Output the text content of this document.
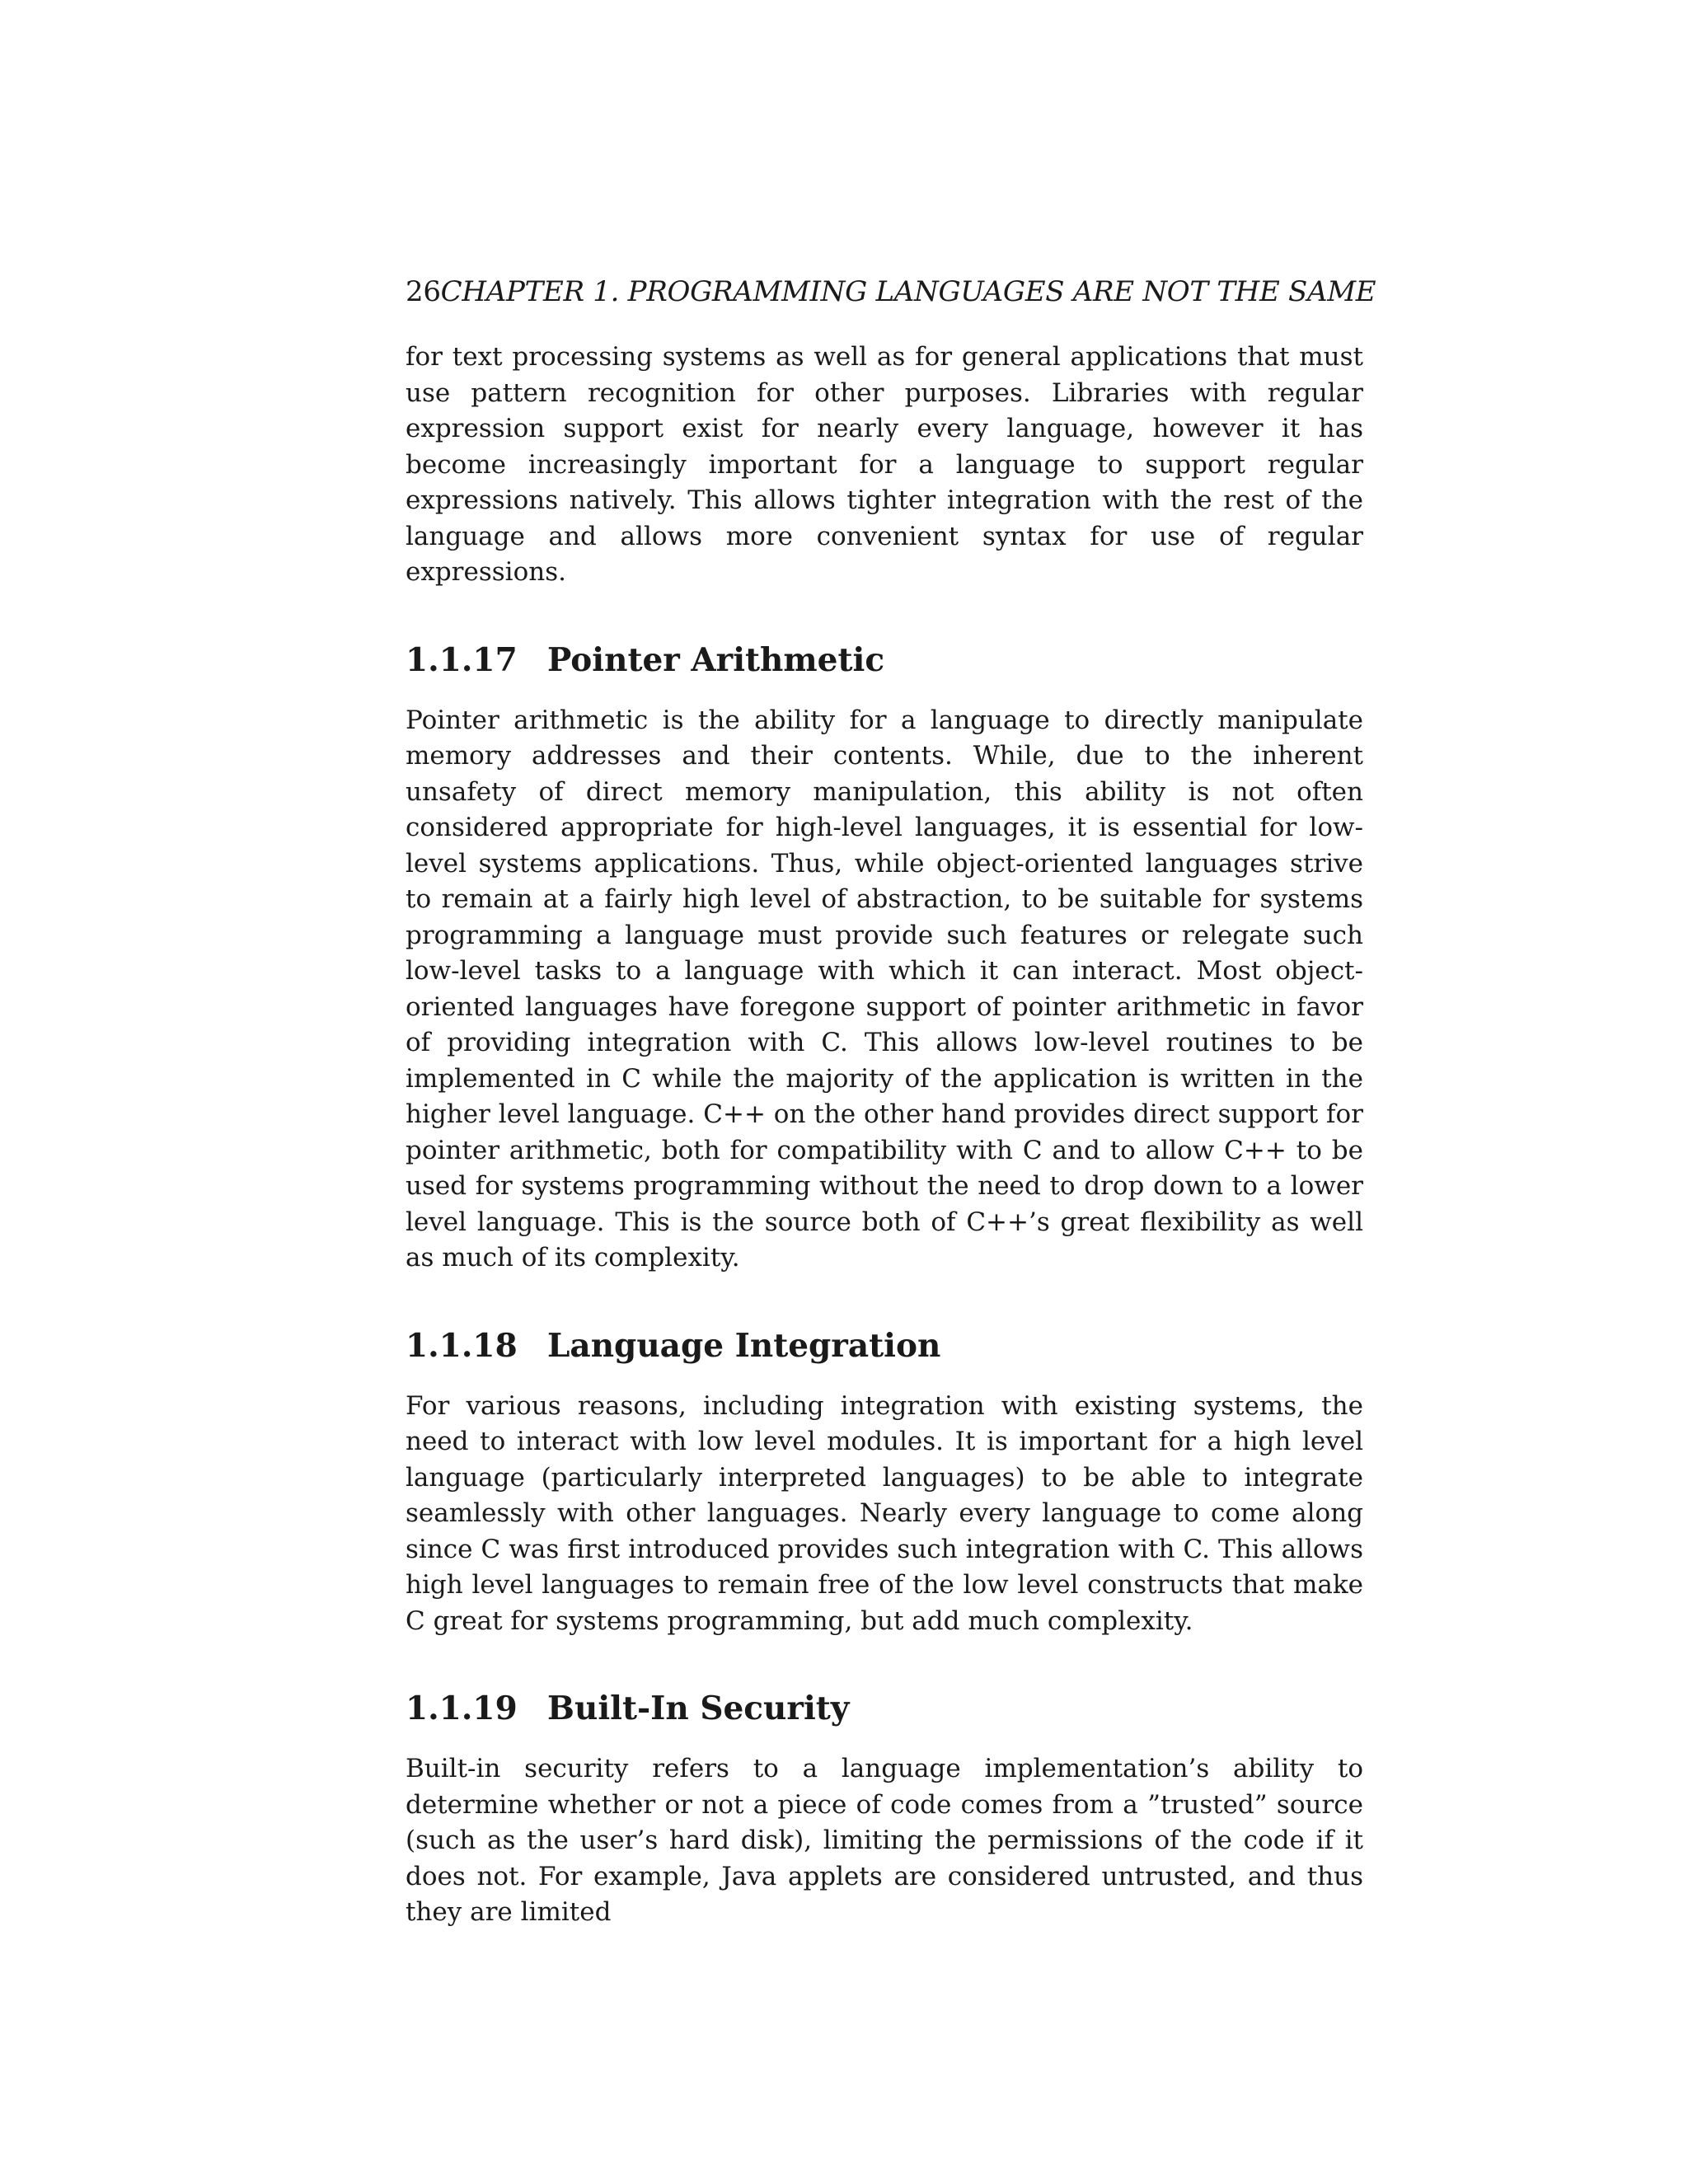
26CHAPTER 1. PROGRAMMING LANGUAGES ARE NOT THE SAME

for text processing systems as well as for general applications that must use pattern recognition for other purposes. Libraries with regular expression support exist for nearly every language, however it has become increasingly important for a language to support regular expressions natively. This allows tighter integration with the rest of the language and allows more convenient syntax for use of regular expressions.

1.1.17 Pointer Arithmetic

Pointer arithmetic is the ability for a language to directly manipulate memory addresses and their contents. While, due to the inherent unsafety of direct memory manipulation, this ability is not often considered appropriate for high-level languages, it is essential for low-level systems applications. Thus, while object-oriented languages strive to remain at a fairly high level of abstraction, to be suitable for systems programming a language must provide such features or relegate such low-level tasks to a language with which it can interact. Most object-oriented languages have foregone support of pointer arithmetic in favor of providing integration with C. This allows low-level routines to be implemented in C while the majority of the application is written in the higher level language. C++ on the other hand provides direct support for pointer arithmetic, both for compatibility with C and to allow C++ to be used for systems programming without the need to drop down to a lower level language. This is the source both of C++’s great flexibility as well as much of its complexity.

1.1.18 Language Integration

For various reasons, including integration with existing systems, the need to interact with low level modules. It is important for a high level language (particularly interpreted languages) to be able to integrate seamlessly with other languages. Nearly every language to come along since C was first introduced provides such integration with C. This allows high level languages to remain free of the low level constructs that make C great for systems programming, but add much complexity.

1.1.19 Built-In Security

Built-in security refers to a language implementation’s ability to determine whether or not a piece of code comes from a ”trusted” source (such as the user’s hard disk), limiting the permissions of the code if it does not. For example, Java applets are considered untrusted, and thus they are limited
